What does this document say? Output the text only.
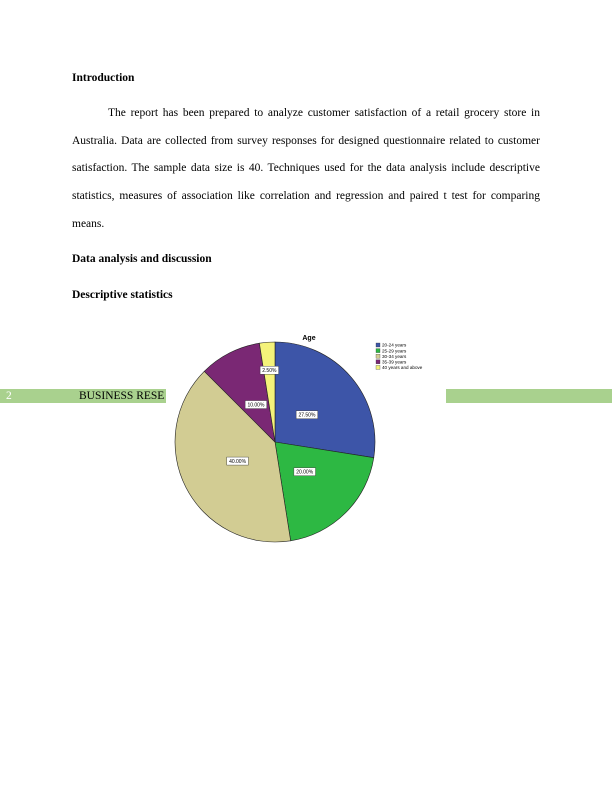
Introduction

The report has been prepared to analyze customer satisfaction of a retail grocery store in Australia. Data are collected from survey responses for designed questionnaire related to customer satisfaction. The sample data size is 40. Techniques used for the data analysis include descriptive statistics, measures of association like correlation and regression and paired t test for comparing means.

Data analysis and discussion
Descriptive statistics
2	BUSINESS RESE
Age
27.50%
20.00%
40.00%
10.00%
2.50%
20-24 years
25-29 years
30-34 years
35-39 years
40 years and above
